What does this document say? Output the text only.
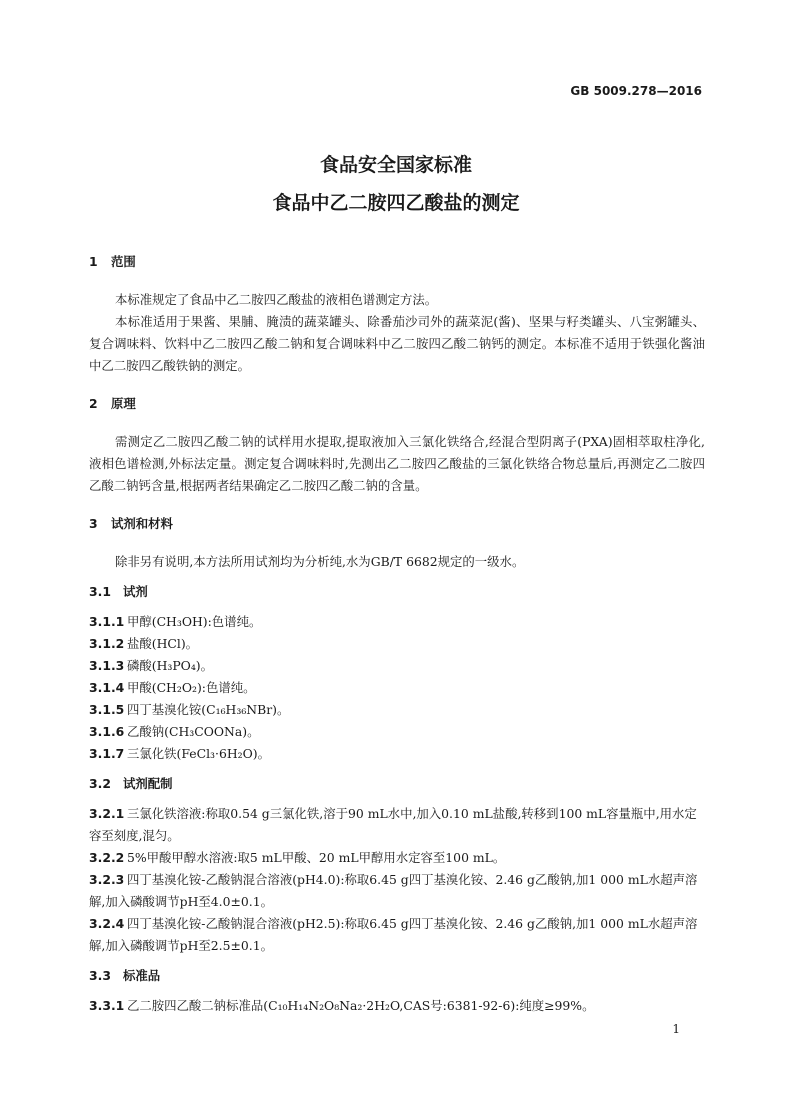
GB 5009.278—2016
食品安全国家标准
食品中乙二胺四乙酸盐的测定

1 范围

本标准规定了食品中乙二胺四乙酸盐的液相色谱测定方法。

本标准适用于果酱、果脯、腌渍的蔬菜罐头、除番茄沙司外的蔬菜泥(酱)、坚果与籽类罐头、八宝粥罐头、复合调味料、饮料中乙二胺四乙酸二钠和复合调味料中乙二胺四乙酸二钠钙的测定。本标准不适用于铁强化酱油中乙二胺四乙酸铁钠的测定。

2 原理

需测定乙二胺四乙酸二钠的试样用水提取,提取液加入三氯化铁络合,经混合型阴离子(PXA)固相萃取柱净化,液相色谱检测,外标法定量。测定复合调味料时,先测出乙二胺四乙酸盐的三氯化铁络合物总量后,再测定乙二胺四乙酸二钠钙含量,根据两者结果确定乙二胺四乙酸二钠的含量。

3 试剂和材料

除非另有说明,本方法所用试剂均为分析纯,水为GB/T 6682规定的一级水。

3.1 试剂

3.1.1 甲醇(CH₃OH):色谱纯。

3.1.2 盐酸(HCl)。

3.1.3 磷酸(H₃PO₄)。

3.1.4 甲酸(CH₂O₂):色谱纯。

3.1.5 四丁基溴化铵(C₁₆H₃₆NBr)。

3.1.6 乙酸钠(CH₃COONa)。

3.1.7 三氯化铁(FeCl₃·6H₂O)。

3.2 试剂配制

3.2.1 三氯化铁溶液:称取0.54 g三氯化铁,溶于90 mL水中,加入0.10 mL盐酸,转移到100 mL容量瓶中,用水定容至刻度,混匀。

3.2.2 5%甲酸甲醇水溶液:取5 mL甲酸、20 mL甲醇用水定容至100 mL。

3.2.3 四丁基溴化铵-乙酸钠混合溶液(pH4.0):称取6.45 g四丁基溴化铵、2.46 g乙酸钠,加1 000 mL水超声溶解,加入磷酸调节pH至4.0±0.1。

3.2.4 四丁基溴化铵-乙酸钠混合溶液(pH2.5):称取6.45 g四丁基溴化铵、2.46 g乙酸钠,加1 000 mL水超声溶解,加入磷酸调节pH至2.5±0.1。

3.3 标准品

3.3.1 乙二胺四乙酸二钠标准品(C₁₀H₁₄N₂O₈Na₂·2H₂O,CAS号:6381-92-6):纯度≥99%。

1
